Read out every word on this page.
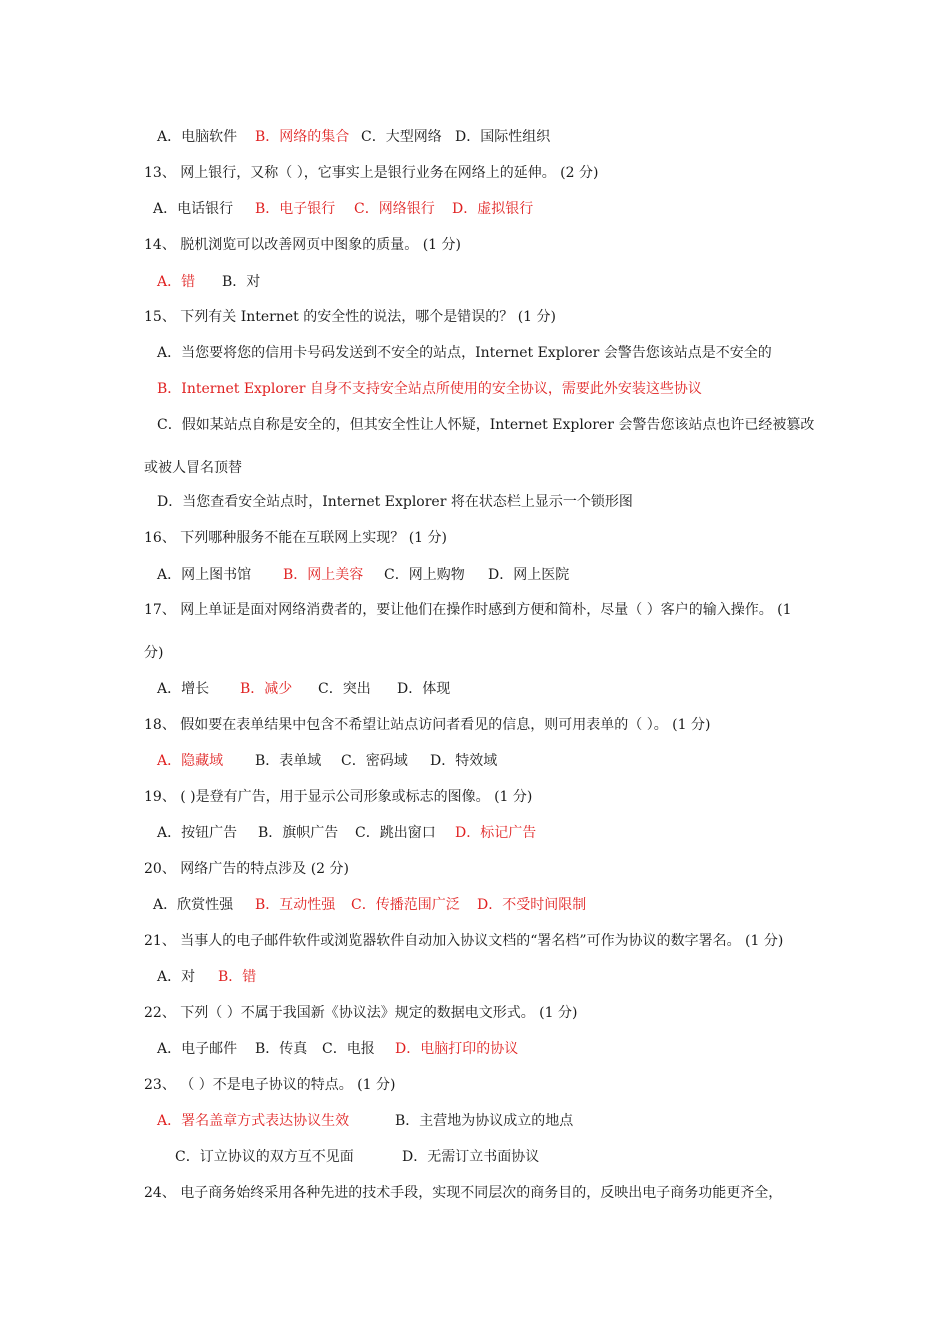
A．电脑软件 B．网络的集合 C．大型网络 D．国际性组织
13、 网上银行，又称（ ），它事实上是银行业务在网络上的延伸。 (2 分)
A．电话银行 B．电子银行 C．网络银行 D．虚拟银行
14、 脱机浏览可以改善网页中图象的质量。 (1 分)
A．错 B．对
15、 下列有关 Internet 的安全性的说法，哪个是错误的？ (1 分)
A．当您要将您的信用卡号码发送到不安全的站点，Internet Explorer 会警告您该站点是不安全的
B．Internet Explorer 自身不支持安全站点所使用的安全协议，需要此外安装这些协议
C．假如某站点自称是安全的，但其安全性让人怀疑，Internet Explorer 会警告您该站点也许已经被篡改
或被人冒名顶替
D．当您查看安全站点时，Internet Explorer 将在状态栏上显示一个锁形图
16、 下列哪种服务不能在互联网上实现？ (1 分)
A．网上图书馆 B．网上美容 C．网上购物 D．网上医院
17、 网上单证是面对网络消费者的，要让他们在操作时感到方便和简朴，尽量（ ）客户的输入操作。 (1
分)
A．增长 B．减少 C．突出 D．体现
18、 假如要在表单结果中包含不希望让站点访问者看见的信息，则可用表单的（ ）。 (1 分)
A．隐藏域 B．表单域 C．密码域 D．特效域
19、 ( )是登有广告，用于显示公司形象或标志的图像。 (1 分)
A．按钮广告 B．旗帜广告 C．跳出窗口 D．标记广告
20、 网络广告的特点涉及 (2 分)
A．欣赏性强 B．互动性强 C．传播范围广泛 D．不受时间限制
21、 当事人的电子邮件软件或浏览器软件自动加入协议文档的“署名档”可作为协议的数字署名。 (1 分)
A．对 B．错
22、 下列（ ）不属于我国新《协议法》规定的数据电文形式。 (1 分)
A．电子邮件 B．传真 C．电报 D．电脑打印的协议
23、 （ ）不是电子协议的特点。 (1 分)
A．署名盖章方式表达协议生效	B．主营地为协议成立的地点
C．订立协议的双方互不见面	D．无需订立书面协议
24、 电子商务始终采用各种先进的技术手段，实现不同层次的商务目的，反映出电子商务功能更齐全，
